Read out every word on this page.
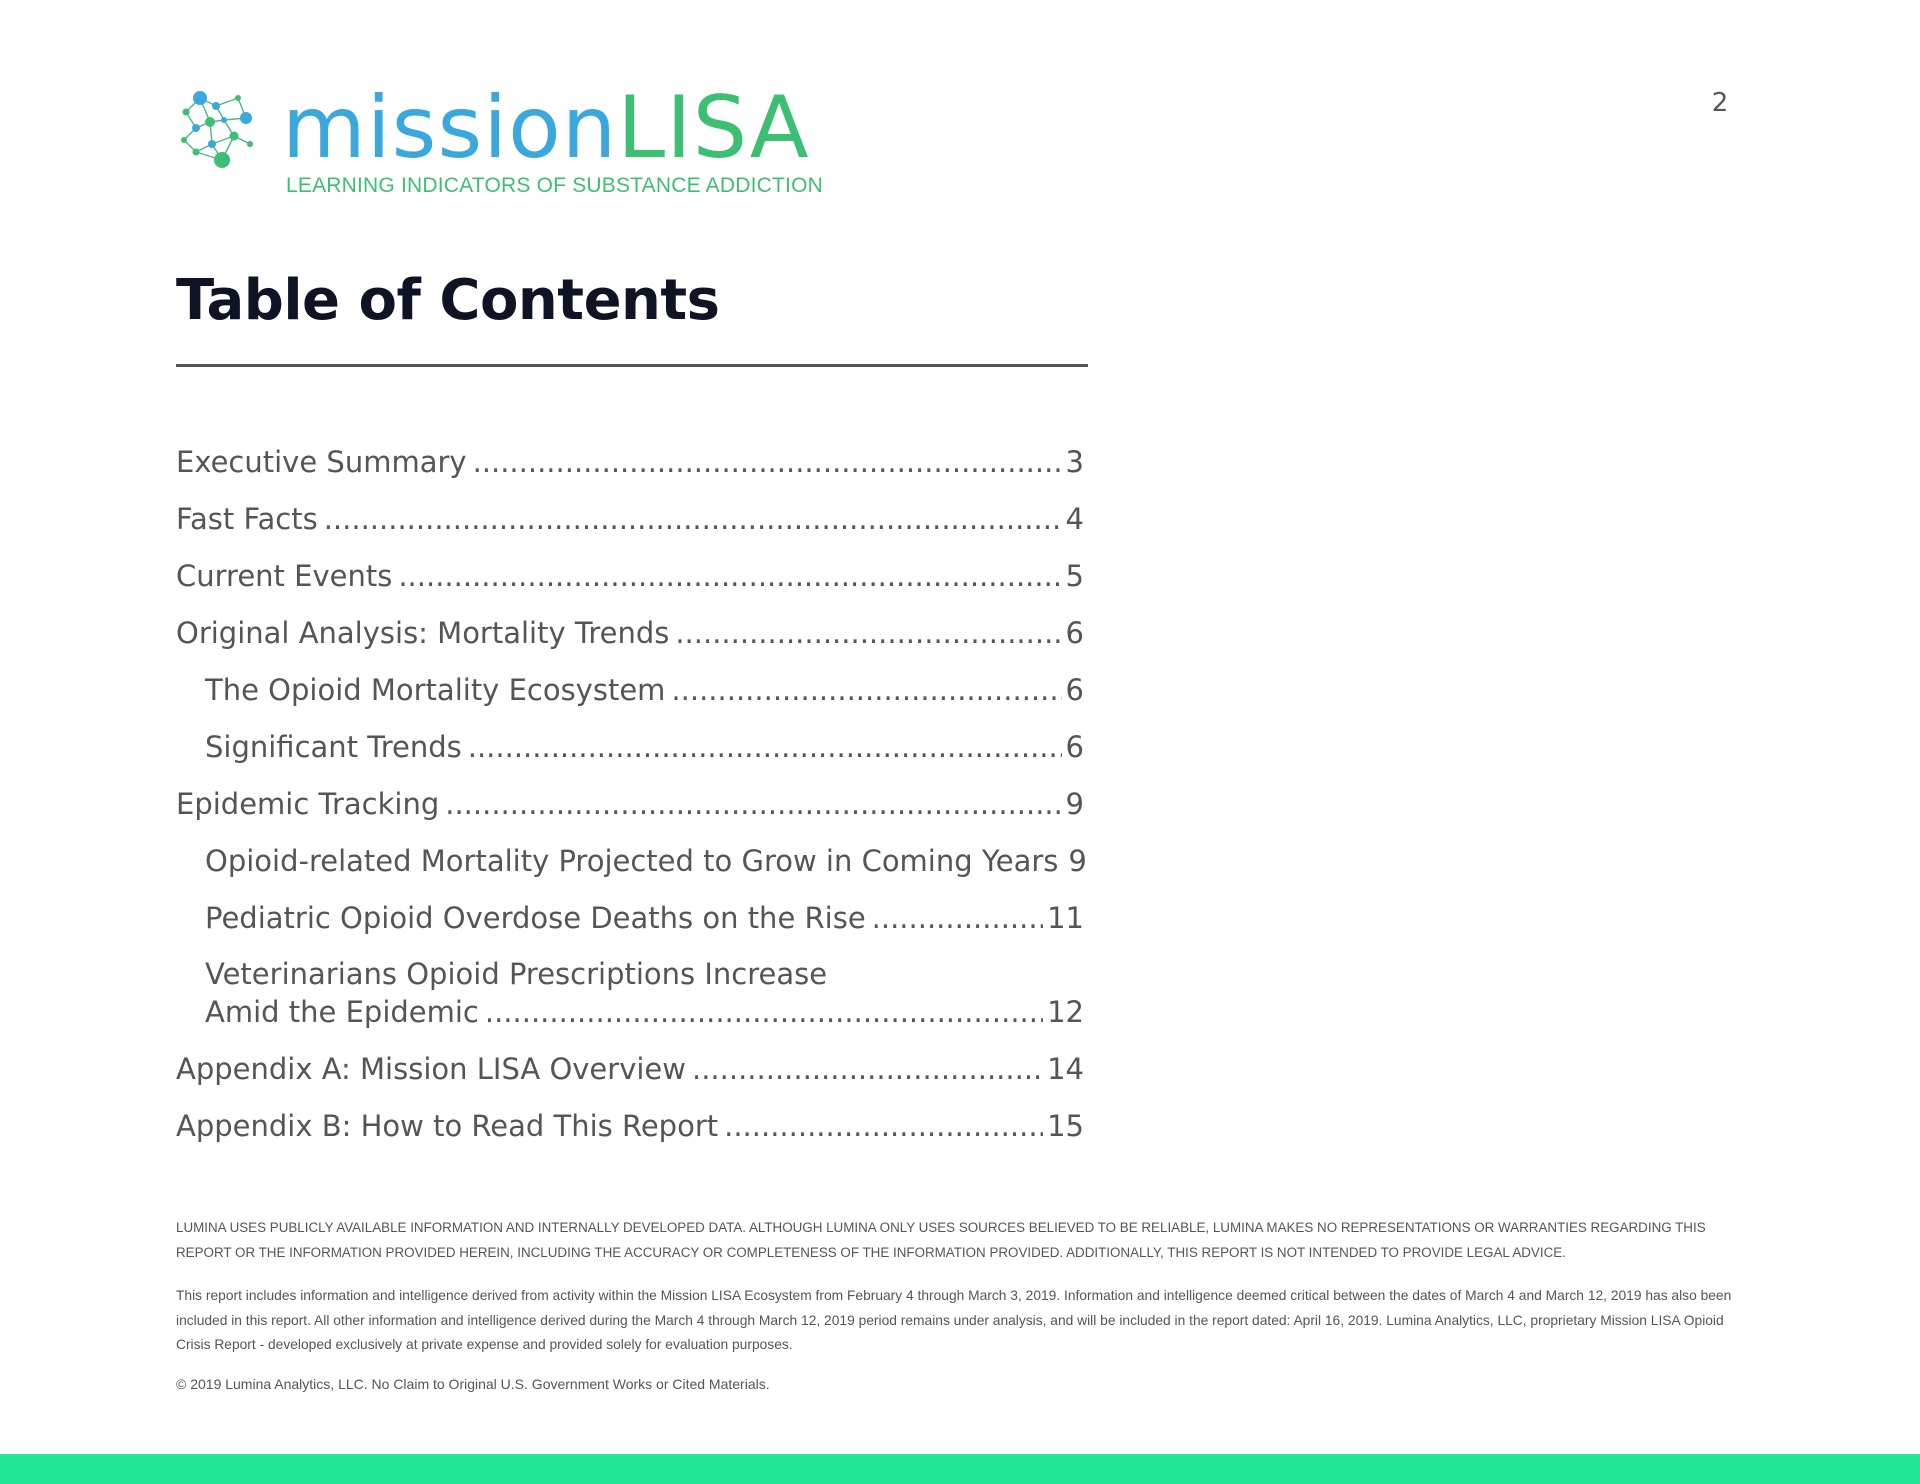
2
missionLISA
LEARNING INDICATORS OF SUBSTANCE ADDICTION
Table of Contents
Executive Summary .....	3
Fast Facts .....	4
Current Events .....	5
Original Analysis: Mortality Trends .....	6
The Opioid Mortality Ecosystem .....	6
Significant Trends .....	6
Epidemic Tracking .....	9
Opioid-related Mortality Projected to Grow in Coming Years 9
Pediatric Opioid Overdose Deaths on the Rise .....	11
Veterinarians Opioid Prescriptions Increase
Amid the Epidemic .....	12
Appendix A: Mission LISA Overview .....	14
Appendix B: How to Read This Report .....	15

LUMINA USES PUBLICLY AVAILABLE INFORMATION AND INTERNALLY DEVELOPED DATA. ALTHOUGH LUMINA ONLY USES SOURCES BELIEVED TO BE RELIABLE, LUMINA MAKES NO REPRESENTATIONS OR WARRANTIES REGARDING THIS REPORT OR THE INFORMATION PROVIDED HEREIN, INCLUDING THE ACCURACY OR COMPLETENESS OF THE INFORMATION PROVIDED. ADDITIONALLY, THIS REPORT IS NOT INTENDED TO PROVIDE LEGAL ADVICE.

This report includes information and intelligence derived from activity within the Mission LISA Ecosystem from February 4 through March 3, 2019. Information and intelligence deemed critical between the dates of March 4 and March 12, 2019 has also been included in this report. All other information and intelligence derived during the March 4 through March 12, 2019 period remains under analysis, and will be included in the report dated: April 16, 2019. Lumina Analytics, LLC, proprietary Mission LISA Opioid Crisis Report - developed exclusively at private expense and provided solely for evaluation purposes.

© 2019 Lumina Analytics, LLC. No Claim to Original U.S. Government Works or Cited Materials.
